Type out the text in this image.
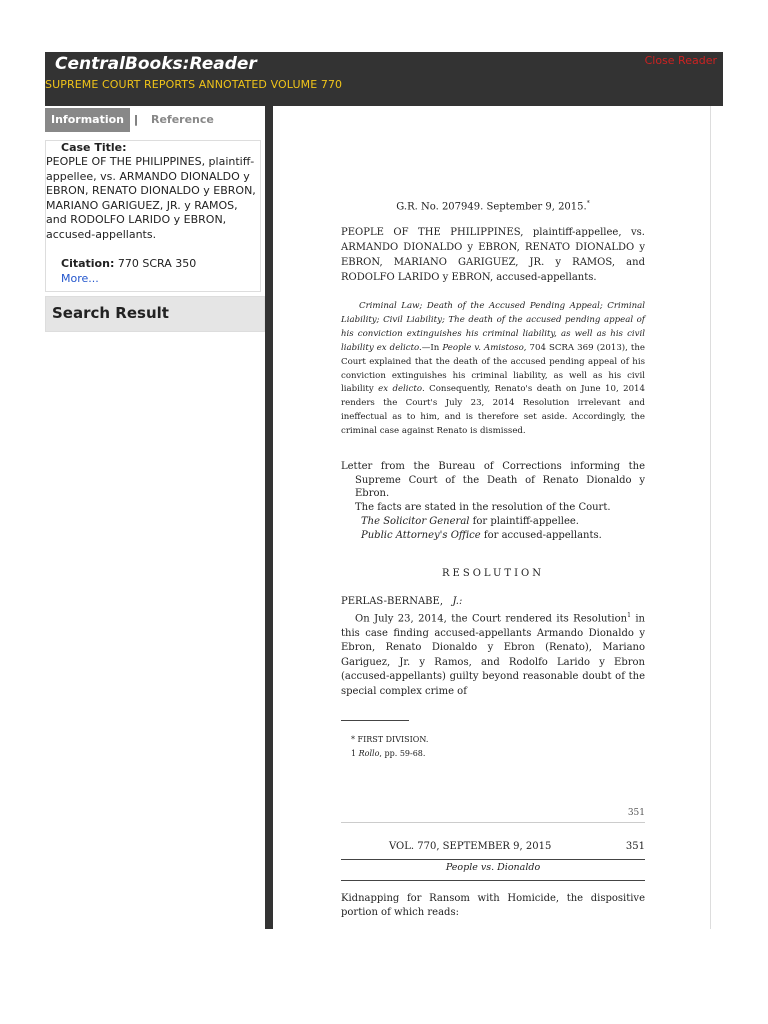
CentralBooks:Reader
SUPREME COURT REPORTS ANNOTATED VOLUME 770
Close Reader
Information | Reference
Case Title:
PEOPLE OF THE PHILIPPINES, plaintiff-appellee, vs. ARMANDO DIONALDO y EBRON, RENATO DIONALDO y EBRON, MARIANO GARIGUEZ, JR. y RAMOS, and RODOLFO LARIDO y EBRON, accused-appellants.
Citation: 770 SCRA 350
More...
Search Result

G.R. No. 207949. September 9, 2015.*

PEOPLE OF THE PHILIPPINES, plaintiff-appellee, vs. ARMANDO DIONALDO y EBRON, RENATO DIONALDO y EBRON, MARIANO GARIGUEZ, JR. y RAMOS, and RODOLFO LARIDO y EBRON, accused-appellants.

Criminal Law; Death of the Accused Pending Appeal; Criminal Liability; Civil Liability; The death of the accused pending appeal of his conviction extinguishes his criminal liability, as well as his civil liability ex delicto.—In People v. Amistoso, 704 SCRA 369 (2013), the Court explained that the death of the accused pending appeal of his conviction extinguishes his criminal liability, as well as his civil liability ex delicto. Consequently, Renato's death on June 10, 2014 renders the Court's July 23, 2014 Resolution irrelevant and ineffectual as to him, and is therefore set aside. Accordingly, the criminal case against Renato is dismissed.

Letter from the Bureau of Corrections informing the Supreme Court of the Death of Renato Dionaldo y Ebron.

The facts are stated in the resolution of the Court.

The Solicitor General for plaintiff-appellee.

Public Attorney's Office for accused-appellants.

RESOLUTION

PERLAS-BERNABE, J.:

On July 23, 2014, the Court rendered its Resolution$^1$ in this case finding accused-appellants Armando Dionaldo y Ebron, Renato Dionaldo y Ebron (Renato), Mariano Gariguez, Jr. y Ramos, and Rodolfo Larido y Ebron (accused-appellants) guilty beyond reasonable doubt of the special complex crime of

* FIRST DIVISION.

1 Rollo, pp. 59-68.

351

VOL. 770, SEPTEMBER 9, 2015	351

People vs. Dionaldo

Kidnapping for Ransom with Homicide, the dispositive portion of which reads:
